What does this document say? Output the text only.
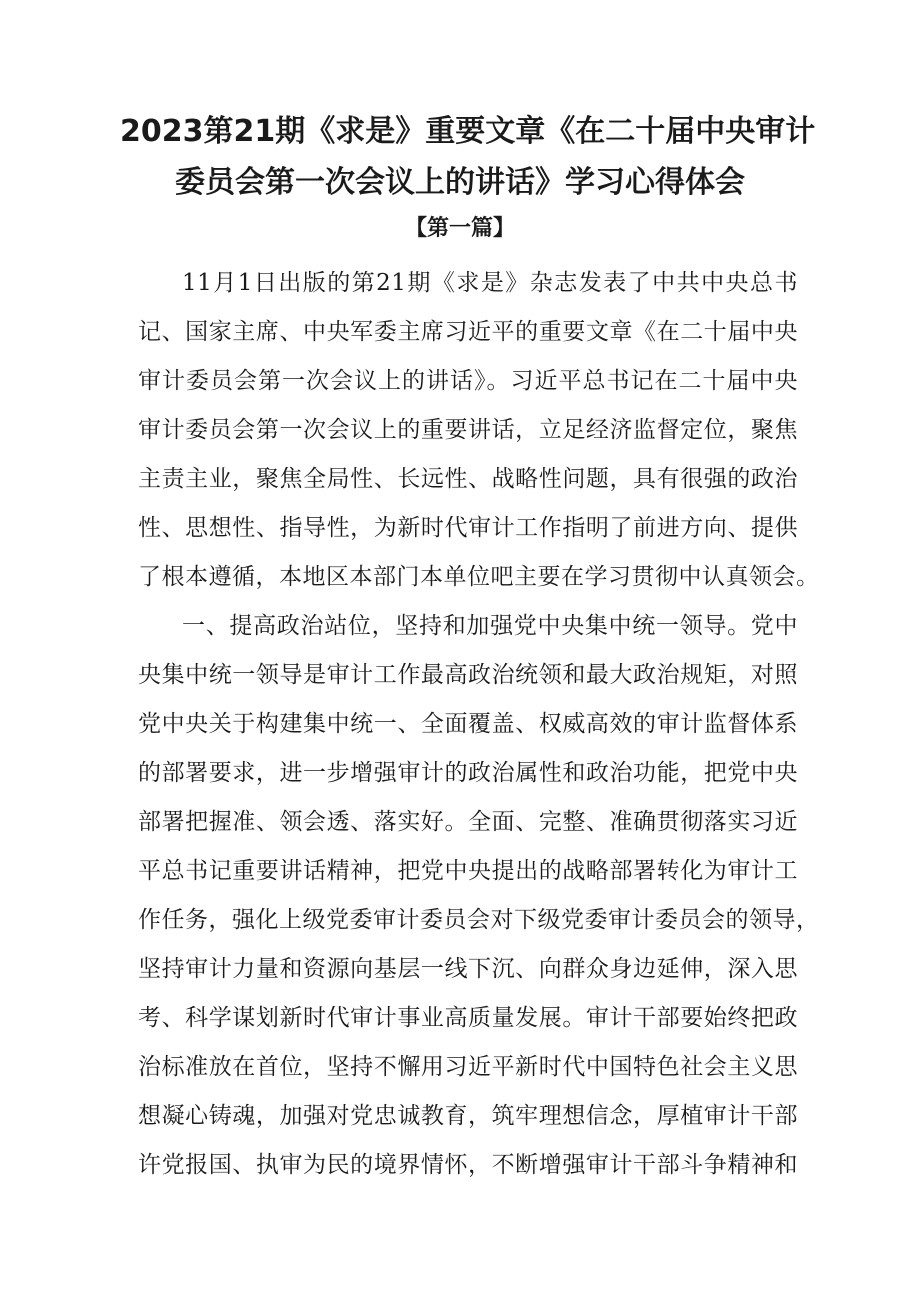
2023第21期《求是》重要文章《在二十届中央审计
委员会第一次会议上的讲话》学习心得体会
【第一篇】
11月1日出版的第21期《求是》杂志发表了中共中央总书
记、国家主席、中央军委主席习近平的重要文章《在二十届中央
审计委员会第一次会议上的讲话》。习近平总书记在二十届中央
审计委员会第一次会议上的重要讲话，立足经济监督定位，聚焦
主责主业，聚焦全局性、长远性、战略性问题，具有很强的政治
性、思想性、指导性，为新时代审计工作指明了前进方向、提供
了根本遵循，本地区本部门本单位吧主要在学习贯彻中认真领会。
一、提高政治站位，坚持和加强党中央集中统一领导。党中
央集中统一领导是审计工作最高政治统领和最大政治规矩，对照
党中央关于构建集中统一、全面覆盖、权威高效的审计监督体系
的部署要求，进一步增强审计的政治属性和政治功能，把党中央
部署把握准、领会透、落实好。全面、完整、准确贯彻落实习近
平总书记重要讲话精神，把党中央提出的战略部署转化为审计工
作任务，强化上级党委审计委员会对下级党委审计委员会的领导，
坚持审计力量和资源向基层一线下沉、向群众身边延伸，深入思
考、科学谋划新时代审计事业高质量发展。审计干部要始终把政
治标准放在首位，坚持不懈用习近平新时代中国特色社会主义思
想凝心铸魂，加强对党忠诚教育，筑牢理想信念，厚植审计干部
许党报国、执审为民的境界情怀，不断增强审计干部斗争精神和
